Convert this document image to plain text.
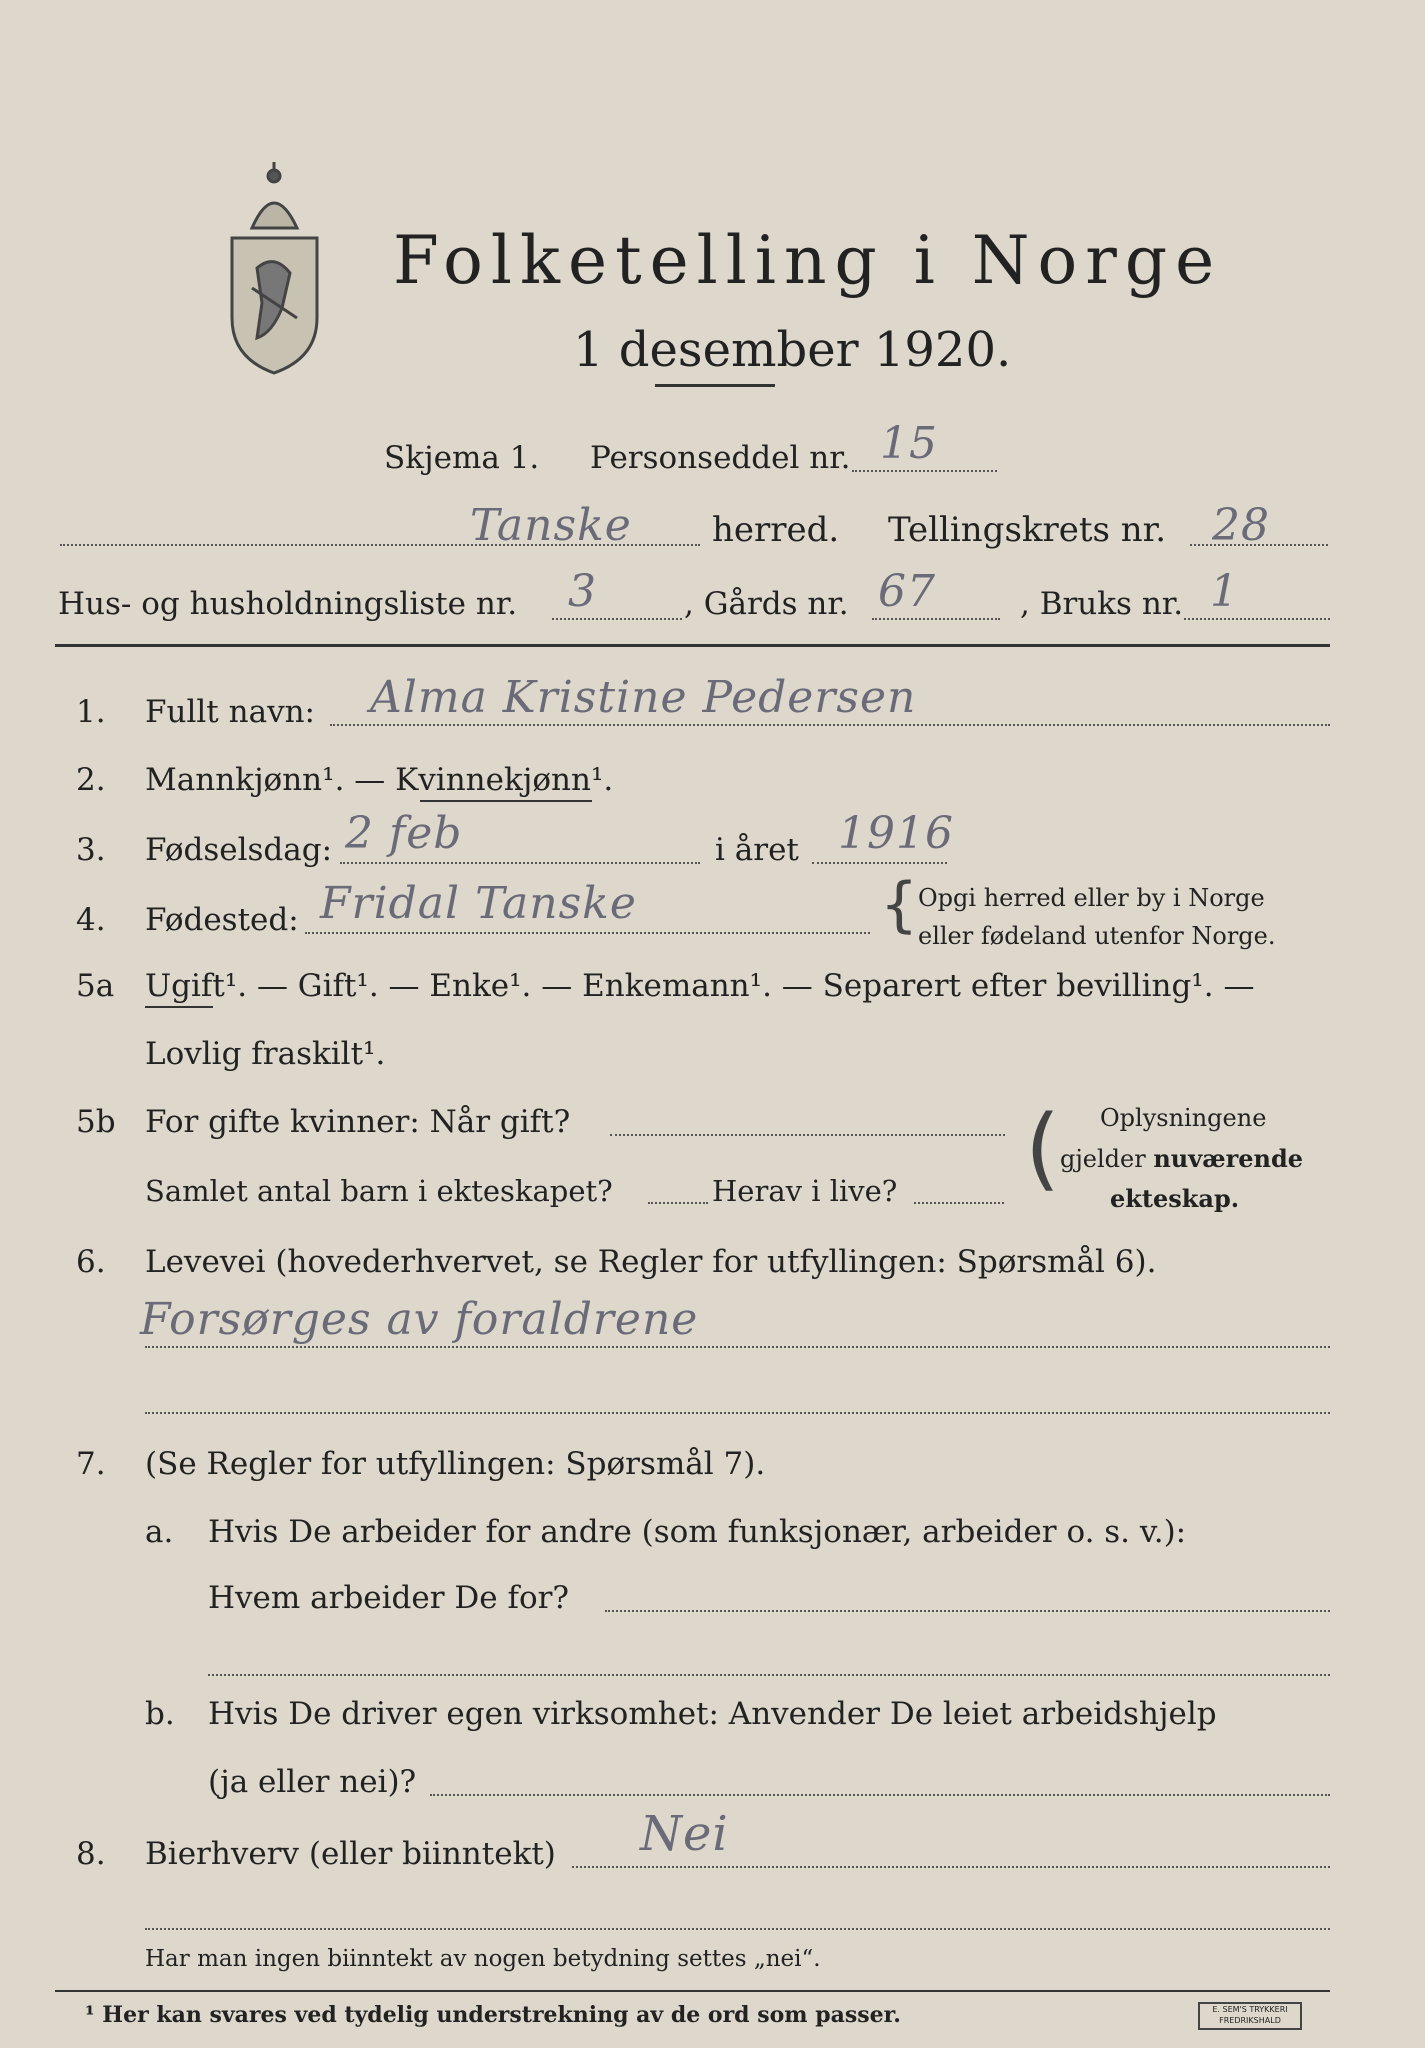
Folketelling i Norge
1 desember 1920.
Skjema 1. Personseddel nr. 15
Tanske herred. Tellingskrets nr. 28
Hus- og husholdningsliste nr. 3	, Gårds nr. 67	, Bruks nr. 1
1. Fullt navn: Alma Kristine Pedersen
2. Mannkjønn¹. — Kvinnekjønn¹.
3. Fødselsdag: 2 feb	i året 1916
4. Fødested: Fridal Tanske	{ Opgi herred eller by i Norge
eller fødeland utenfor Norge.
5a Ugift¹. — Gift¹. — Enke¹. — Enkemann¹. — Separert efter bevilling¹. —
Lovlig fraskilt¹.
5b For gifte kvinner: Når gift?
Samlet antal barn i ekteskapet?	Herav i live? ( Oplysningene
gjelder nuværende
ekteskap.
6. Levevei (hovederhvervet, se Regler for utfyllingen: Spørsmål 6).
Forsørges av foraldrene
7. (Se Regler for utfyllingen: Spørsmål 7).
a. Hvis De arbeider for andre (som funksjonær, arbeider o. s. v.):
Hvem arbeider De for?
b. Hvis De driver egen virksomhet: Anvender De leiet arbeidshjelp
(ja eller nei)?
8. Bierhverv (eller biinntekt) Nei
Har man ingen biinntekt av nogen betydning settes „nei“.
¹ Her kan svares ved tydelig understrekning av de ord som passer.	E. SEM'S TRYKKERI
FREDRIKSHALD
